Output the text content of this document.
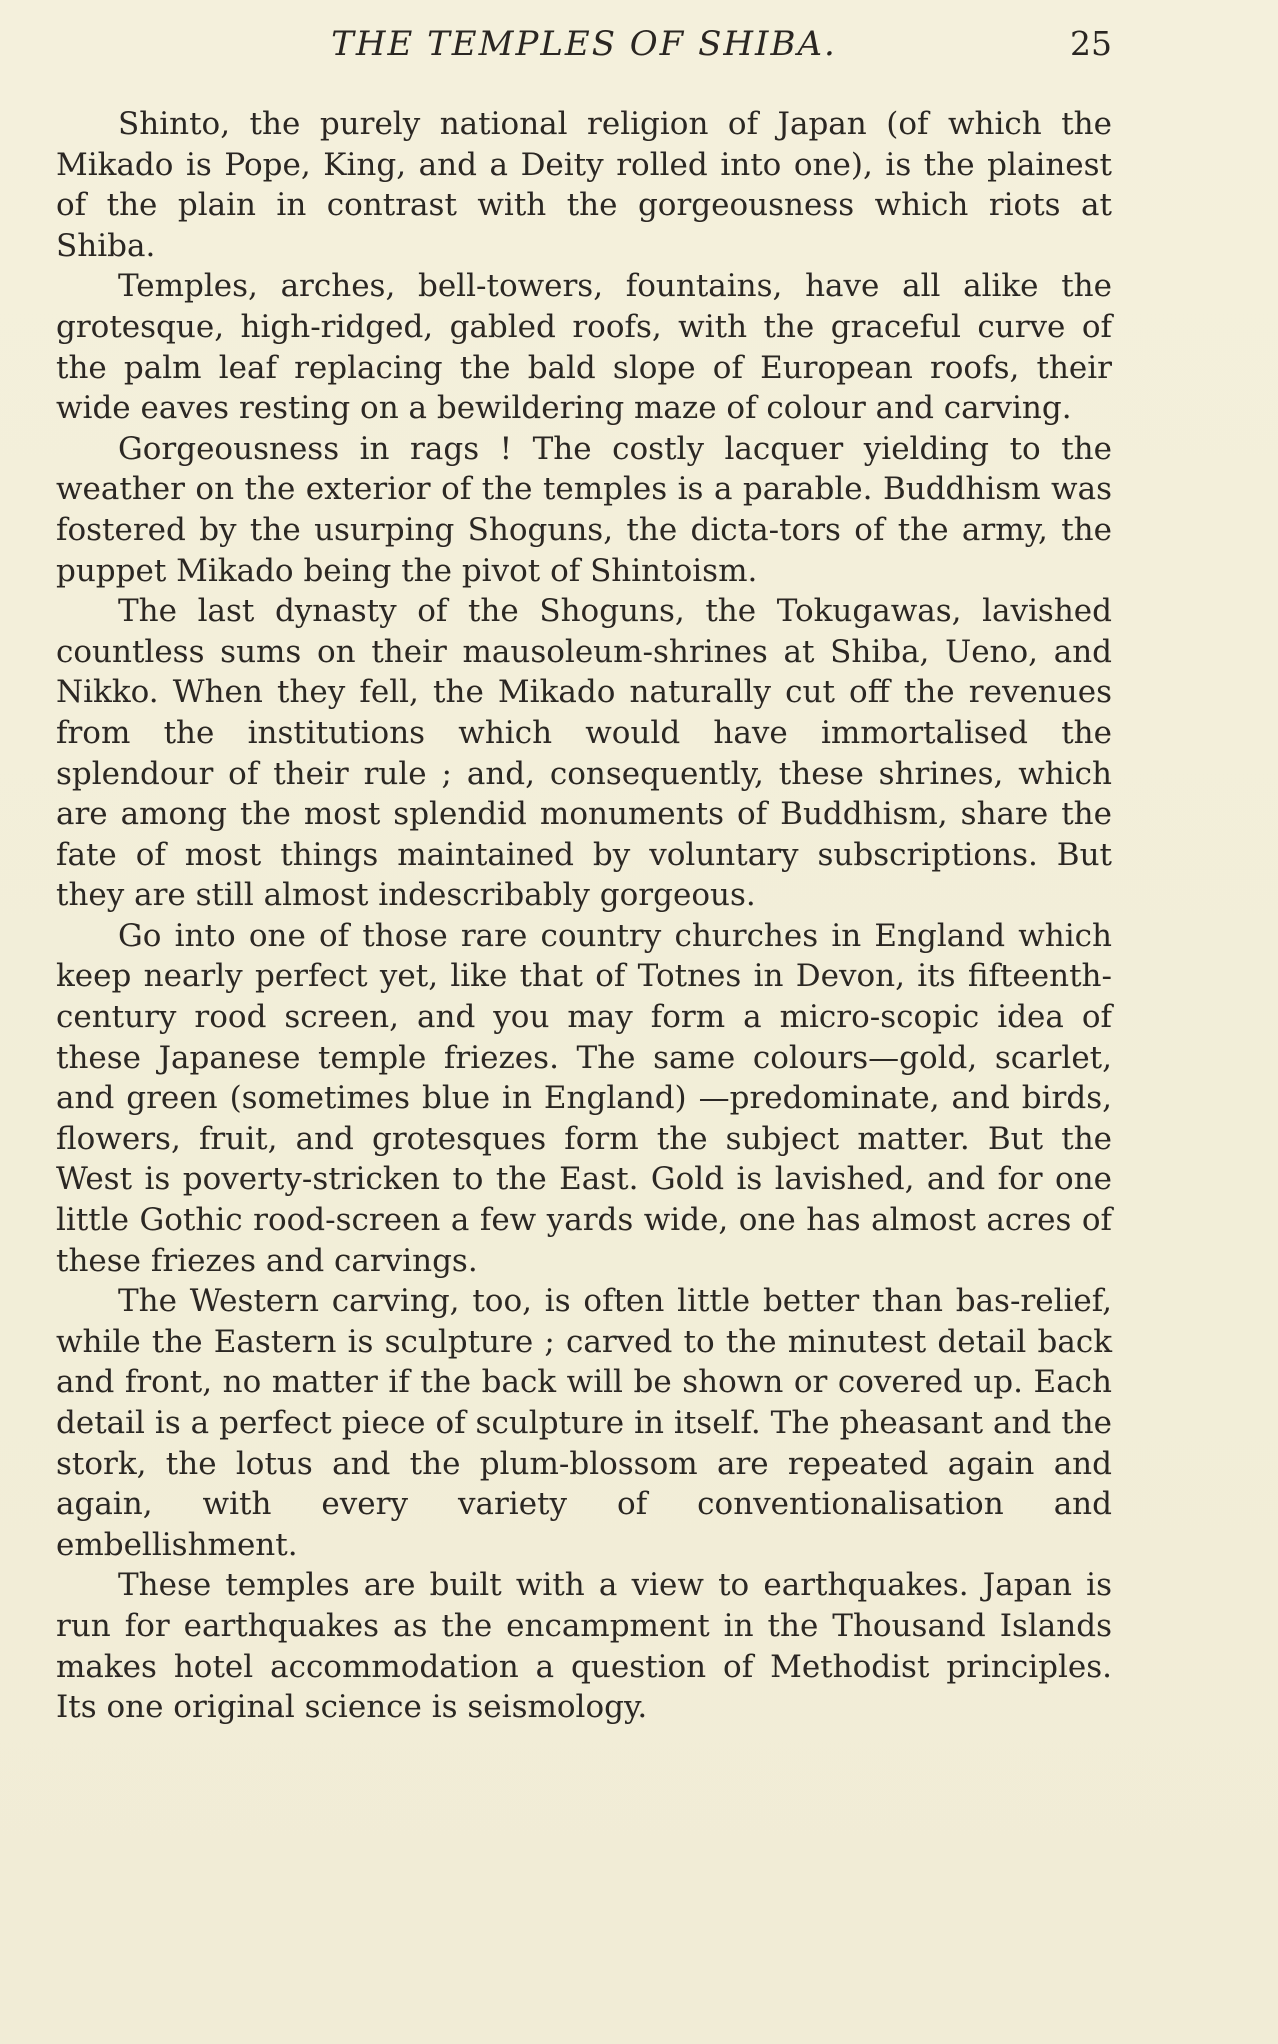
THE TEMPLES OF SHIBA.	25

Shinto, the purely national religion of Japan (of which the Mikado is Pope, King, and a Deity rolled into one), is the plainest of the plain in contrast with the gorgeousness which riots at Shiba.

Temples, arches, bell-towers, fountains, have all alike the grotesque, high-ridged, gabled roofs, with the graceful curve of the palm leaf replacing the bald slope of European roofs, their wide eaves resting on a bewildering maze of colour and carving.

Gorgeousness in rags ! The costly lacquer yielding to the weather on the exterior of the temples is a parable. Buddhism was fostered by the usurping Shoguns, the dicta-tors of the army, the puppet Mikado being the pivot of Shintoism.

The last dynasty of the Shoguns, the Tokugawas, lavished countless sums on their mausoleum-shrines at Shiba, Ueno, and Nikko. When they fell, the Mikado naturally cut off the revenues from the institutions which would have immortalised the splendour of their rule ; and, consequently, these shrines, which are among the most splendid monuments of Buddhism, share the fate of most things maintained by voluntary subscriptions. But they are still almost indescribably gorgeous.

Go into one of those rare country churches in England which keep nearly perfect yet, like that of Totnes in Devon, its fifteenth-century rood screen, and you may form a micro-scopic idea of these Japanese temple friezes. The same colours—gold, scarlet, and green (sometimes blue in England) —predominate, and birds, flowers, fruit, and grotesques form the subject matter. But the West is poverty-stricken to the East. Gold is lavished, and for one little Gothic rood-screen a few yards wide, one has almost acres of these friezes and carvings.

The Western carving, too, is often little better than bas-relief, while the Eastern is sculpture ; carved to the minutest detail back and front, no matter if the back will be shown or covered up. Each detail is a perfect piece of sculpture in itself. The pheasant and the stork, the lotus and the plum-blossom are repeated again and again, with every variety of conventionalisation and embellishment.

These temples are built with a view to earthquakes. Japan is run for earthquakes as the encampment in the Thousand Islands makes hotel accommodation a question of Methodist principles. Its one original science is seismology.
